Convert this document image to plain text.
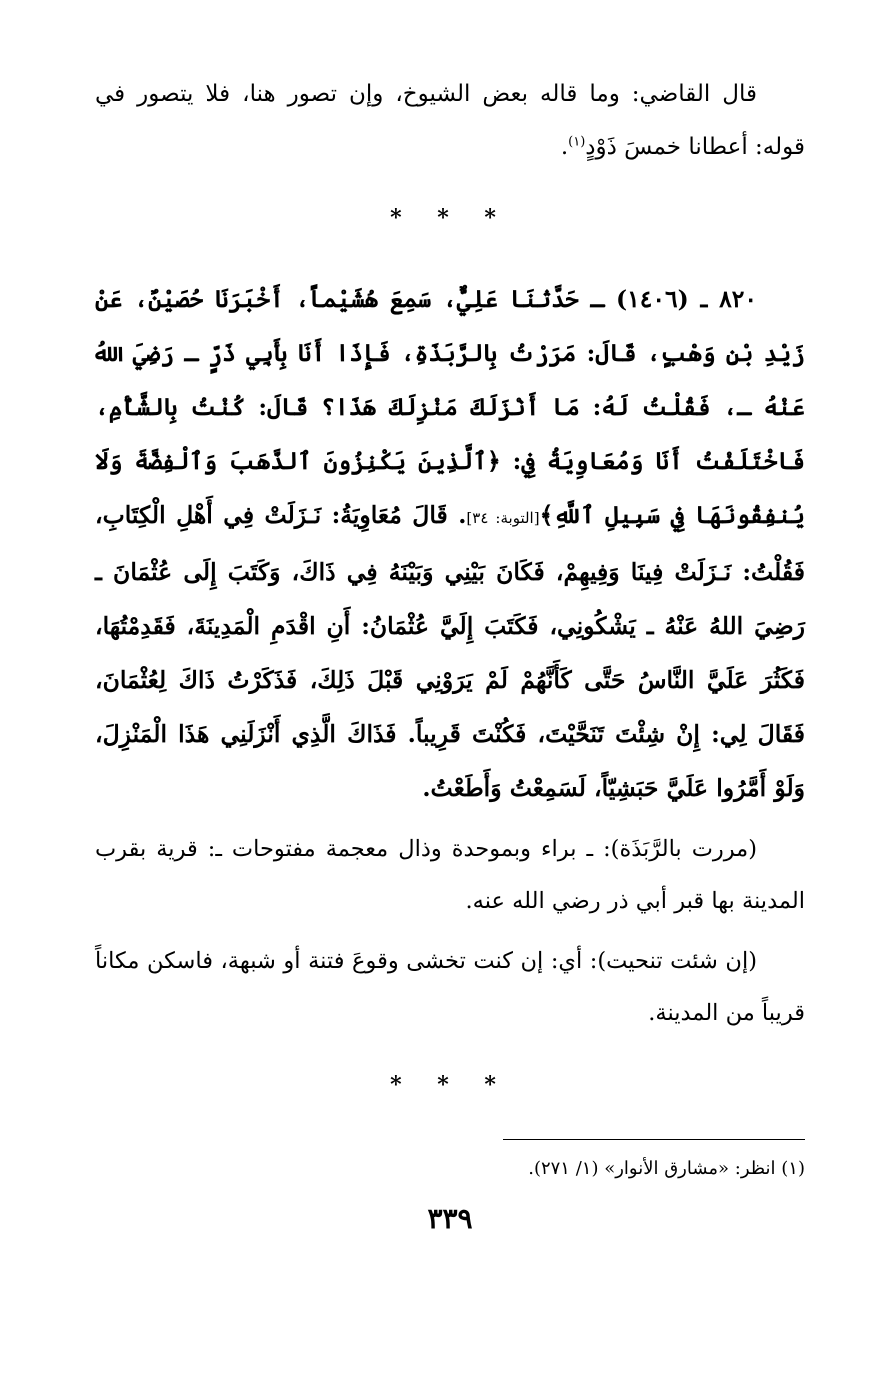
قال القاضي: وما قاله بعض الشيوخ، وإن تصور هنا، فلا يتصور في قوله: أعطانا خمسَ ذَوْدٍ$^{(١)}$.

* * *

٨٢٠ ـ (١٤٠٦) ـ حَدَّثنَا عَلِيٌّ، سَمِعَ هُشَيْماً، أَخْبَرَنَا حُصَيْنٌ، عَنْ زَيْدِ بْنِ وَهْبٍ، قَالَ: مَرَرْتُ بِالرَّبَذَةِ، فَإِذَا أَنَا بِأَبِي ذَرٍّ ـ رَضِيَ اللهُ عَنْهُ ـ، فَقُلْتُ لَهُ: مَا أَنْزَلَكَ مَنْزِلَكَ هَذَا؟ قَالَ: كُنْتُ بِالشَّأْمِ، فَاخْتَلَفْتُ أَنَا وَمُعَاوِيَةُ فِي: ﴿ٱلَّذِينَ يَكْنِزُونَ ٱلذَّهَبَ وَٱلْفِضَّةَ وَلَا يُنفِقُونَهَا فِي سَبِيلِ ٱللَّهِ﴾[التوبة: ٣٤]. قَالَ مُعَاوِيَةُ: نَـزَلَتْ فِي أَهْلِ الْكِتَابِ، فَقُلْتُ: نَـزَلَتْ فِينَا وَفِيهِمْ، فَكَانَ بَيْنِي وَبَيْنَهُ فِي ذَاكَ، وَكَتَبَ إِلَى عُثْمَانَ ـ رَضِيَ اللهُ عَنْهُ ـ يَشْكُونِي، فَكَتَبَ إِلَيَّ عُثْمَانُ: أَنِ اقْدَمِ الْمَدِينَةَ، فَقَدِمْتُهَا، فَكَثُرَ عَلَيَّ النَّاسُ حَتَّى كَأَنَّهُمْ لَمْ يَرَوْنِي قَبْلَ ذَلِكَ، فَذَكَرْتُ ذَاكَ لِعُثْمَانَ، فَقَالَ لِي: إِنْ شِئْتَ تَنَحَّيْتَ، فَكُنْتَ قَرِيباً. فَذَاكَ الَّذِي أَنْزَلَنِي هَذَا الْمَنْزِلَ، وَلَوْ أَمَّرُوا عَلَيَّ حَبَشِيّاً، لَسَمِعْتُ وَأَطَعْتُ.

(مررت بالرَّبَذَة): ـ براء وبموحدة وذال معجمة مفتوحات ـ: قرية بقرب المدينة بها قبر أبي ذر رضي الله عنه.

(إن شئت تنحيت): أي: إن كنت تخشى وقوعَ فتنة أو شبهة، فاسكن مكاناً قريباً من المدينة.

* * *

(١) انظر: «مشارق الأنوار» (١/ ٢٧١).

٣٣٩
